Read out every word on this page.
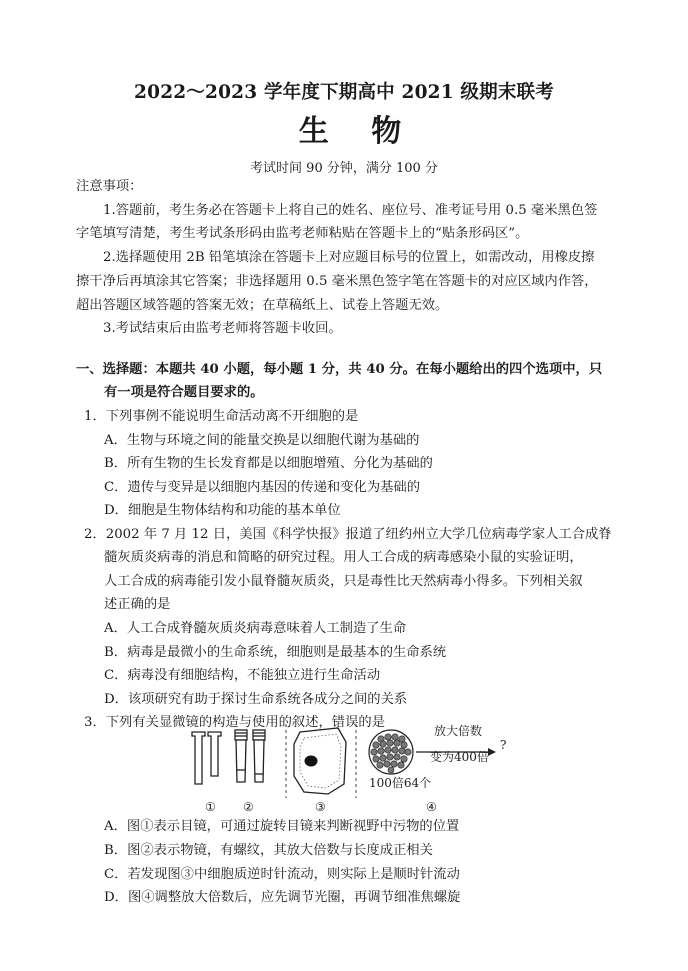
2022～2023 学年度下期高中 2021 级期末联考
生 物
考试时间 90 分钟，满分 100 分
注意事项：
1.答题前，考生务必在答题卡上将自己的姓名、座位号、准考证号用 0.5 毫米黑色签
字笔填写清楚，考生考试条形码由监考老师粘贴在答题卡上的“贴条形码区”。
2.选择题使用 2B 铅笔填涂在答题卡上对应题目标号的位置上，如需改动，用橡皮擦
擦干净后再填涂其它答案；非选择题用 0.5 毫米黑色签字笔在答题卡的对应区域内作答，
超出答题区域答题的答案无效；在草稿纸上、试卷上答题无效。
3.考试结束后由监考老师将答题卡收回。
一、选择题：本题共 40 小题，每小题 1 分，共 40 分。在每小题给出的四个选项中，只
有一项是符合题目要求的。
1．下列事例不能说明生命活动离不开细胞的是
A．生物与环境之间的能量交换是以细胞代谢为基础的
B．所有生物的生长发育都是以细胞增殖、分化为基础的
C．遗传与变异是以细胞内基因的传递和变化为基础的
D．细胞是生物体结构和功能的基本单位
2．2002 年 7 月 12 日，美国《科学快报》报道了纽约州立大学几位病毒学家人工合成脊
髓灰质炎病毒的消息和简略的研究过程。用人工合成的病毒感染小鼠的实验证明，
人工合成的病毒能引发小鼠脊髓灰质炎，只是毒性比天然病毒小得多。下列相关叙
述正确的是
A．人工合成脊髓灰质炎病毒意味着人工制造了生命
B．病毒是最微小的生命系统，细胞则是最基本的生命系统
C．病毒没有细胞结构，不能独立进行生命活动
D．该项研究有助于探讨生命系统各成分之间的关系
3．下列有关显微镜的构造与使用的叙述，错误的是
放大倍数
变为400倍
?
100倍64个
① ②	③	④
A．图①表示目镜，可通过旋转目镜来判断视野中污物的位置
B．图②表示物镜，有螺纹，其放大倍数与长度成正相关
C．若发现图③中细胞质逆时针流动，则实际上是顺时针流动
D．图④调整放大倍数后，应先调节光圈，再调节细准焦螺旋
